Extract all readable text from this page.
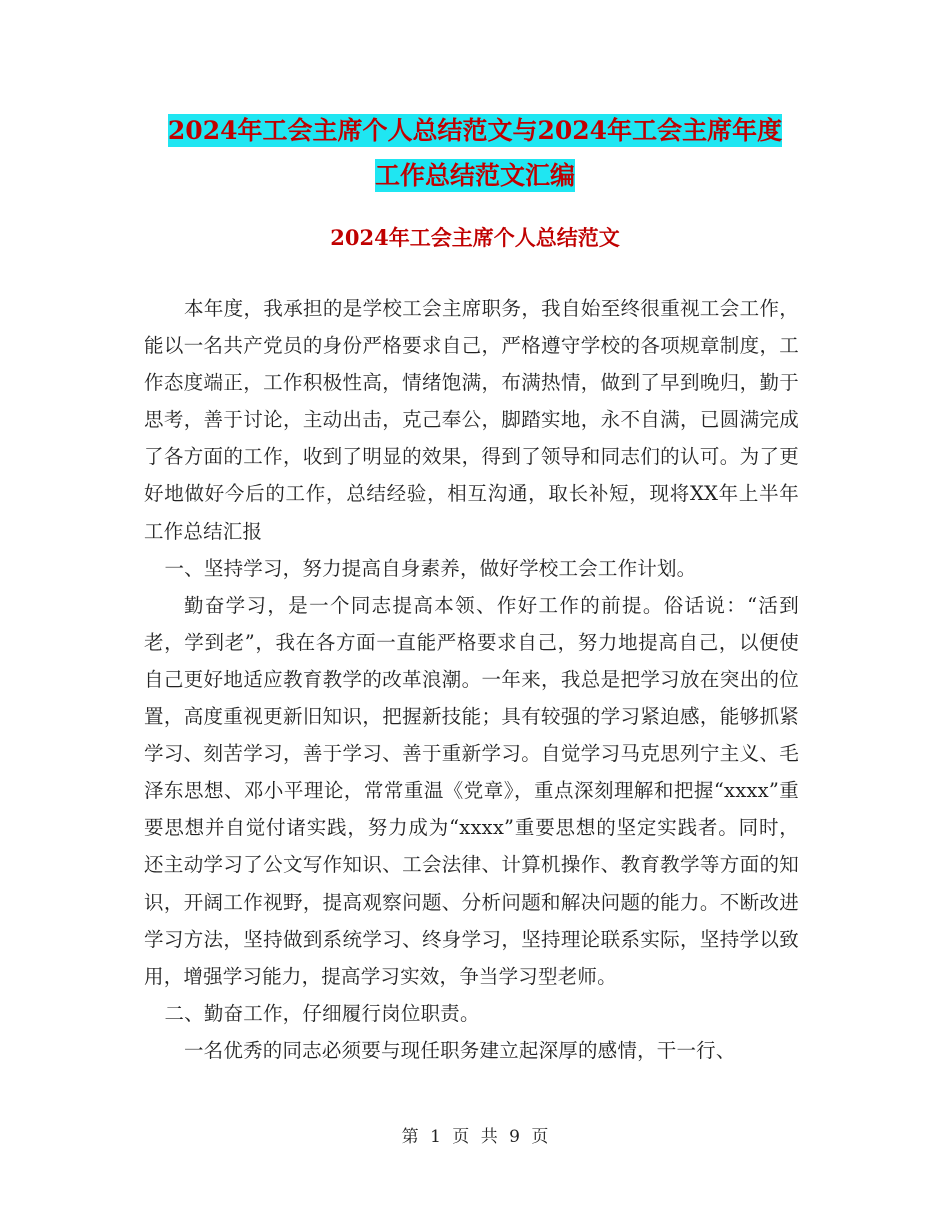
2024年工会主席个人总结范文与2024年工会主席年度
工作总结范文汇编
2024年工会主席个人总结范文

本年度，我承担的是学校工会主席职务，我自始至终很重视工会工作，能以一名共产党员的身份严格要求自己，严格遵守学校的各项规章制度，工作态度端正，工作积极性高，情绪饱满，布满热情，做到了早到晚归，勤于思考，善于讨论，主动出击，克己奉公，脚踏实地，永不自满，已圆满完成了各方面的工作，收到了明显的效果，得到了领导和同志们的认可。为了更好地做好今后的工作，总结经验，相互沟通，取长补短，现将XX年上半年工作总结汇报

一、坚持学习，努力提高自身素养，做好学校工会工作计划。

勤奋学习，是一个同志提高本领、作好工作的前提。俗话说：“活到老，学到老”，我在各方面一直能严格要求自己，努力地提高自己，以便使自己更好地适应教育教学的改革浪潮。一年来，我总是把学习放在突出的位置，高度重视更新旧知识，把握新技能；具有较强的学习紧迫感，能够抓紧学习、刻苦学习，善于学习、善于重新学习。自觉学习马克思列宁主义、毛泽东思想、邓小平理论，常常重温《党章》，重点深刻理解和把握“xxxx”重要思想并自觉付诸实践，努力成为“xxxx”重要思想的坚定实践者。同时，还主动学习了公文写作知识、工会法律、计算机操作、教育教学等方面的知识，开阔工作视野，提高观察问题、分析问题和解决问题的能力。不断改进学习方法，坚持做到系统学习、终身学习，坚持理论联系实际，坚持学以致用，增强学习能力，提高学习实效，争当学习型老师。

二、勤奋工作，仔细履行岗位职责。

一名优秀的同志必须要与现任职务建立起深厚的感情，干一行、

第 1 页 共 9 页
